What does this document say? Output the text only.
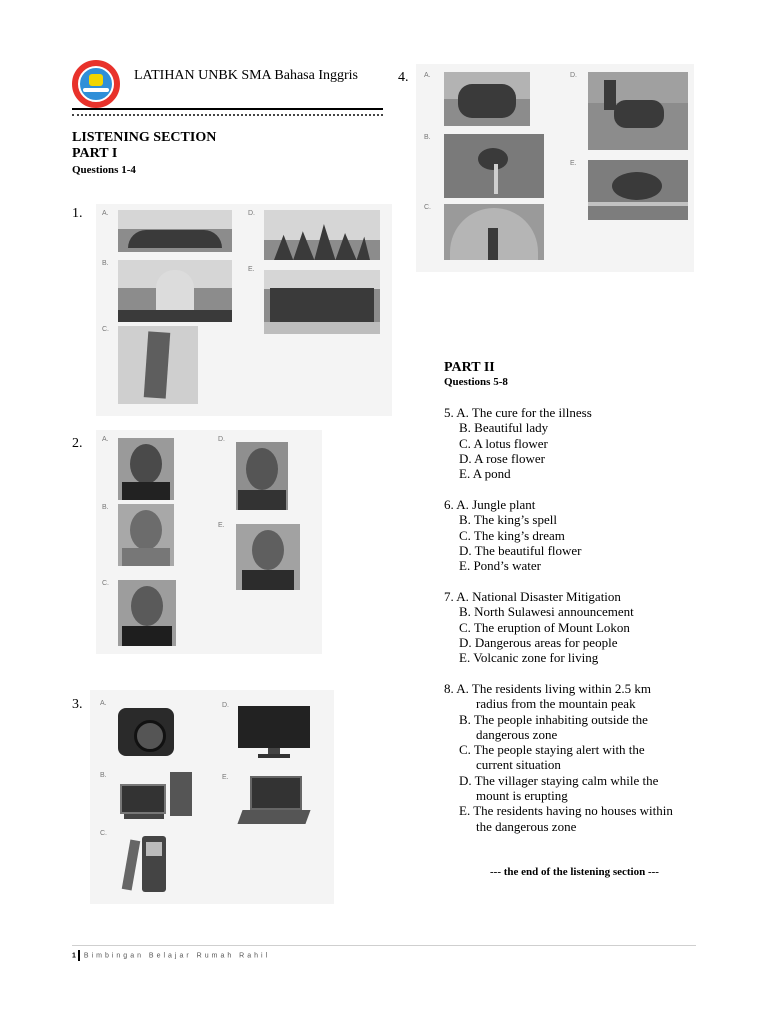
LATIHAN UNBK SMA Bahasa Inggris
LISTENING SECTION
PART I
Questions 1-4
1.	A.
B.
C.
D.
E.
2.	A.
B.
C.
D.
E.
3.	A.
B.
C.
D.
E.
4. A.
B.
C.
D.
E.
PART II
Questions 5-8
5. A. The cure for the illness
B. Beautiful lady
C. A lotus flower
D. A rose flower
E. A pond
6. A. Jungle plant
B. The king’s spell
C. The king’s dream
D. The beautiful flower
E. Pond’s water
7. A. National Disaster Mitigation
B. North Sulawesi announcement
C. The eruption of Mount Lokon
D. Dangerous areas for people
E. Volcanic zone for living
8. A. The residents living within 2.5 km
radius from the mountain peak
B. The people inhabiting outside the
dangerous zone
C. The people staying alert with the
current situation
D. The villager staying calm while the
mount is erupting
E. The residents having no houses within
the dangerous zone
--- the end of the listening section ---
1 Bimbingan Belajar Rumah Rahil
